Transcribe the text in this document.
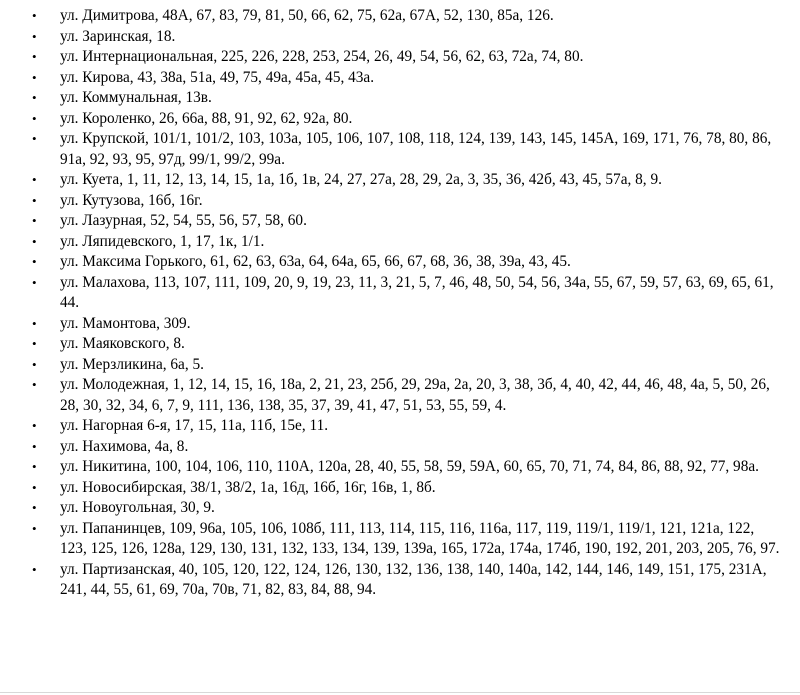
• ул. Димитрова, 48А, 67, 83, 79, 81, 50, 66, 62, 75, 62а, 67А, 52, 130, 85а, 126.
• ул. Заринская, 18.
• ул. Интернациональная, 225, 226, 228, 253, 254, 26, 49, 54, 56, 62, 63, 72а, 74, 80.
• ул. Кирова, 43, 38а, 51а, 49, 75, 49а, 45а, 45, 43а.
• ул. Коммунальная, 13в.
• ул. Короленко, 26, 66а, 88, 91, 92, 62, 92а, 80.
• ул. Крупской, 101/1, 101/2, 103, 103а, 105, 106, 107, 108, 118, 124, 139, 143, 145, 145А, 169, 171, 76, 78, 80, 86, 91а, 92, 93, 95, 97д, 99/1, 99/2, 99а.
• ул. Куета, 1, 11, 12, 13, 14, 15, 1а, 1б, 1в, 24, 27, 27а, 28, 29, 2а, 3, 35, 36, 42б, 43, 45, 57а, 8, 9.
• ул. Кутузова, 16б, 16г.
• ул. Лазурная, 52, 54, 55, 56, 57, 58, 60.
• ул. Ляпидевского, 1, 17, 1к, 1/1.
• ул. Максима Горького, 61, 62, 63, 63а, 64, 64а, 65, 66, 67, 68, 36, 38, 39а, 43, 45.
• ул. Малахова, 113, 107, 111, 109, 20, 9, 19, 23, 11, 3, 21, 5, 7, 46, 48, 50, 54, 56, 34а, 55, 67, 59, 57, 63, 69, 65, 61, 44.
• ул. Мамонтова, 309.
• ул. Маяковского, 8.
• ул. Мерзликина, 6а, 5.
• ул. Молодежная, 1, 12, 14, 15, 16, 18а, 2, 21, 23, 25б, 29, 29а, 2а, 20, 3, 38, 3б, 4, 40, 42, 44, 46, 48, 4а, 5, 50, 26, 28, 30, 32, 34, 6, 7, 9, 111, 136, 138, 35, 37, 39, 41, 47, 51, 53, 55, 59, 4.
• ул. Нагорная 6-я, 17, 15, 11а, 11б, 15е, 11.
• ул. Нахимова, 4а, 8.
• ул. Никитина, 100, 104, 106, 110, 110А, 120а, 28, 40, 55, 58, 59, 59А, 60, 65, 70, 71, 74, 84, 86, 88, 92, 77, 98а.
• ул. Новосибирская, 38/1, 38/2, 1а, 16д, 16б, 16г, 16в, 1, 8б.
• ул. Новоугольная, 30, 9.
• ул. Папанинцев, 109, 96а, 105, 106, 108б, 111, 113, 114, 115, 116, 116а, 117, 119, 119/1, 119/1, 121, 121а, 122, 123, 125, 126, 128а, 129, 130, 131, 132, 133, 134, 139, 139а, 165, 172а, 174а, 174б, 190, 192, 201, 203, 205, 76, 97.
• ул. Партизанская, 40, 105, 120, 122, 124, 126, 130, 132, 136, 138, 140, 140а, 142, 144, 146, 149, 151, 175, 231А, 241, 44, 55, 61, 69, 70а, 70в, 71, 82, 83, 84, 88, 94.
